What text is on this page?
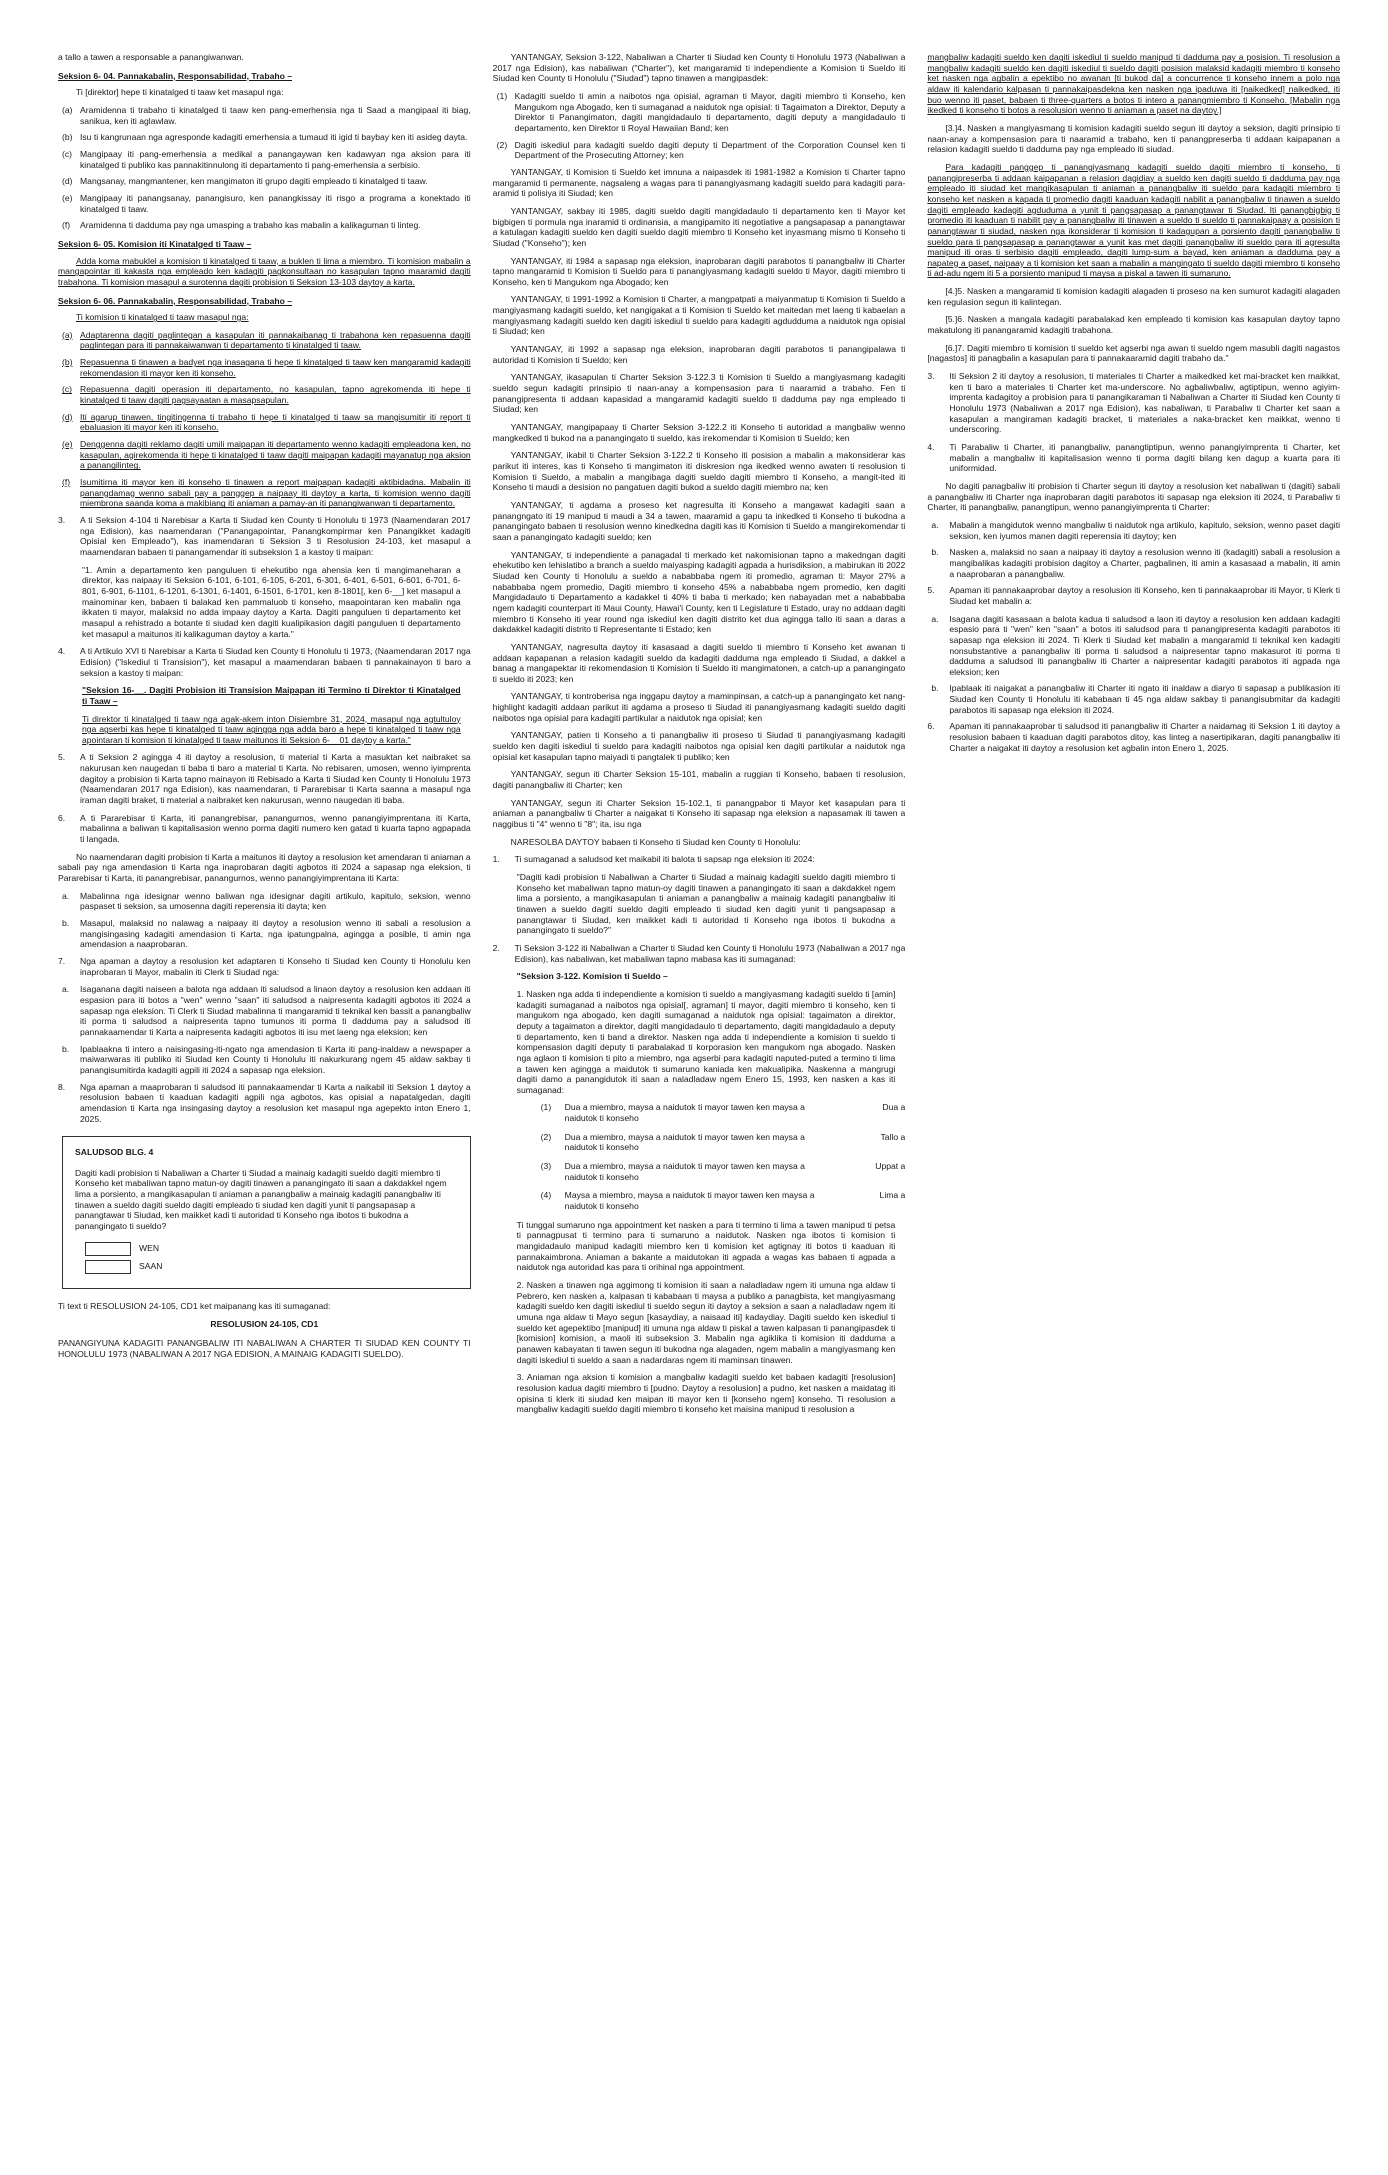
a tallo a tawen a responsable a panangiwanwan.

Seksion 6- 04. Pannakabalin, Responsabilidad, Trabaho –

Ti [direktor] hepe ti kinatalged ti taaw ket masapul nga:

(a) Aramidenna ti trabaho ti kinatalged ti taaw ken pang-emerhensia nga ti Saad a mangipaal iti biag, sanikua, ken iti aglawlaw.
(b) Isu ti kangrunaan nga agresponde kadagiti emerhensia a tumaud iti igid ti baybay ken iti asideg dayta.
(c) Mangipaay iti pang-emerhensia a medikal a panangaywan ken kadawyan nga aksion para iti kinatalged ti publiko kas pannakitinnulong iti departamento ti pang-emerhensia a serbisio.
(d) Mangsanay, mangmantener, ken mangimaton iti grupo dagiti empleado ti kinatalged ti taaw.
(e) Mangipaay iti panangsanay, panangisuro, ken panangkissay iti risgo a programa a konektado iti kinatalged ti taaw.
(f)	Aramidenna ti dadduma pay nga umasping a trabaho kas mabalin a kalikaguman ti linteg.

Seksion 6- 05. Komision iti Kinatalged ti Taaw –

Adda koma mabuklel a komision ti kinatalged ti taaw, a buklen ti lima a miembro. Ti komision mabalin a mangapointar iti kakasta nga empleado ken kadagiti pagkonsultaan no kasapulan tapno maaramid dagiti trabahona. Ti komision masapul a surotenna dagiti probision ti Seksion 13-103 daytoy a karta.

Seksion 6- 06. Pannakabalin, Responsabilidad, Trabaho –

Ti komision ti kinatalged ti taaw masapul nga:

(a) Adaptarenna dagiti paglintegan a kasapulan iti pannakaibanag ti trabahona ken repasuenna dagiti paglintegan para iti pannakaiwanwan ti departamento ti kinatalged ti taaw.
(b) Repasuenna ti tinawen a badyet nga inasagana ti hepe ti kinatalged ti taaw ken mangaramid kadagiti rekomendasion iti mayor ken iti konseho.
(c) Repasuenna dagiti operasion iti departamento, no kasapulan, tapno agrekomenda iti hepe ti kinatalged ti taaw dagiti pagsayaatan a masapsapulan.
(d) Iti agarup tinawen, tingitingenna ti trabaho ti hepe ti kinatalged ti taaw sa mangisumitir iti report ti ebaluasion iti mayor ken iti konseho.
(e) Denggenna dagiti reklamo dagiti umili maipapan iti departamento wenno kadagiti empleadona ken, no kasapulan, agirekomenda iti hepe ti kinatalged ti taaw dagiti maipapan kadagiti mayanatup nga aksion a panangilinteg.
(f)	Isumitirna iti mayor ken iti konseho ti tinawen a report maipapan kadagiti aktibidadna. Mabalin iti panangdamag wenno sabali pay a panggep a naipaay iti daytoy a karta, ti komision wenno dagiti miembrona saanda koma a makibiang iti aniaman a pamay-an iti panangiwanwan ti departamento.
3.	A ti Seksion 4-104 ti Narebisar a Karta ti Siudad ken County ti Honolulu ti 1973 (Naamendaran 2017 nga Edision), kas naamendaran ("Panangapointar, Panangkompirmar ken Panangikket kadagiti Opisial ken Empleado"), kas inamendaran ti Seksion 3 ti Resolusion 24-103, ket masapul a maamendaran babaen ti panangamendar iti subseksion 1 a kastoy ti maipan:

"1. Amin a departamento ken panguluen ti ehekutibo nga ahensia ken ti mangimaneharan a direktor, kas naipaay iti Seksion 6-101, 6-101, 6-105, 6-201, 6-301, 6-401, 6-501, 6-601, 6-701, 6-801, 6-901, 6-1101, 6-1201, 6-1301, 6-1401, 6-1501, 6-1701, ken 8-1801[, ken 6-__] ket masapul a mainominar ken, babaen ti balakad ken pammaluob ti konseho, maapointaran ken mabalin nga ikkaten ti mayor, malaksid no adda impaay daytoy a Karta. Dagiti panguluen ti departamento ket masapul a rehistrado a botante ti siudad ken dagiti kualipikasion dagiti panguluen ti departamento ket masapul a maitunos iti kalikaguman daytoy a karta."

4.	A ti Artikulo XVI ti Narebisar a Karta ti Siudad ken County ti Honolulu ti 1973, (Naamendaran 2017 nga Edision) ("Iskediul ti Transision"), ket masapul a maamendaran babaen ti pannakainayon ti baro a seksion a kastoy ti maipan:

"Seksion 16-__. Dagiti Probision iti Transision Maipapan iti Termino ti Direktor ti Kinatalged ti Taaw –

Ti direktor ti kinatalged ti taaw nga agak-akem inton Disiembre 31, 2024, masapul nga agtultuloy nga agserbi kas hepe ti kinatalged ti taaw agingga nga adda baro a hepe ti kinatalged ti taaw nga apointaran ti komision ti kinatalged ti taaw maitunos iti Seksion 6-__01 daytoy a karta."

5.	A ti Seksion 2 agingga 4 iti daytoy a resolusion, ti material ti Karta a masuktan ket naibraket sa nakurusan ken naugedan ti baba ti baro a material ti Karta. No rebisaren, umosen, wenno iyimprenta dagitoy a probision ti Karta tapno mainayon iti Rebisado a Karta ti Siudad ken County ti Honolulu 1973 (Naamendaran 2017 nga Edision), kas naamendaran, ti Pararebisar ti Karta saanna a masapul nga iraman dagiti braket, ti material a naibraket ken nakurusan, wenno naugedan iti baba.
6.	A ti Pararebisar ti Karta, iti panangrebisar, panangurnos, wenno panangiyimprentana iti Karta, mabalinna a baliwan ti kapitalisasion wenno porma dagiti numero ken gatad ti kuarta tapno agpapada ti langada.

No naamendaran dagiti probision ti Karta a maitunos iti daytoy a resolusion ket amendaran ti aniaman a sabali pay nga amendasion ti Karta nga inaprobaran dagiti agbotos iti 2024 a sapasap nga eleksion, ti Pararebisar ti Karta, iti panangrebisar, panangurnos, wenno panangiyimprentana iti Karta:

a.	Mabalinna nga idesignar wenno baliwan nga idesignar dagiti artikulo, kapitulo, seksion, wenno paspaset ti seksion, sa umosenna dagiti reperensia iti dayta; ken
b.	Masapul, malaksid no nalawag a naipaay iti daytoy a resolusion wenno iti sabali a resolusion a mangisingasing kadagiti amendasion ti Karta, nga ipatungpalna, agingga a posible, ti amin nga amendasion a naaprobaran.
7.	Nga apaman a daytoy a resolusion ket adaptaren ti Konseho ti Siudad ken County ti Honolulu ken inaprobaran ti Mayor, mabalin iti Clerk ti Siudad nga:
a.	Isaganana dagiti naiseen a balota nga addaan iti saludsod a linaon daytoy a resolusion ken addaan iti espasion para iti botos a "wen" wenno "saan" iti saludsod a naipresenta kadagiti agbotos iti 2024 a sapasap nga eleksion. Ti Clerk ti Siudad mabalinna ti mangaramid ti teknikal ken bassit a panangbaliw iti porma ti saludsod a naipresenta tapno tumunos iti porma ti dadduma pay a saludsod iti pannakaamendar ti Karta a naipresenta kadagiti agbotos iti isu met laeng nga eleksion; ken
b.	Ipablaaknа ti intero a naisingasing-iti-ngato nga amendasion ti Karta iti pang-inaldaw a newspaper a maiwarwaras iti publiko iti Siudad ken County ti Honolulu iti nakurkurang ngem 45 aldaw sakbay ti panangisumitirda kadagiti agpili iti 2024 a sapasap nga eleksion.
8.	Nga apaman a maaprobaran ti saludsod iti pannakaamendar ti Karta a naikabil iti Seksion 1 daytoy a resolusion babaen ti kaaduan kadagiti agpili nga agbotos, kas opisial a napatalgedan, dagiti amendasion ti Karta nga insingasing daytoy a resolusion ket masapul nga agepekto inton Enero 1, 2025.
SALUDSOD BLG. 4
Dagiti kadi probision ti Nabaliwan a Charter ti Siudad a mainaig kadagiti sueldo dagiti miembro ti Konseho ket mabaliwan tapno matun-oy dagiti tinawen a panangingato iti saan a dakdakkel ngem lima a porsiento, a mangikasapulan ti aniaman a panangbaliw a mainaig kadagiti panangbaliw iti tinawen a sueldo dagiti sueldo dagiti empleado ti siudad ken dagiti yunit ti pangsapasap a panangtawar ti Siudad, ken maikket kadi ti autoridad ti Konseho nga ibotos ti bukodna a panangingato ti sueldo?
WEN
SAAN

Ti text ti RESOLUSION 24-105, CD1 ket maipanang kas iti sumaganad:

RESOLUSION 24-105, CD1

PANANGIYUNA KADAGITI PANANGBALIW ITI NABALIWAN A CHARTER TI SIUDAD KEN COUNTY TI HONOLULU 1973 (NABALIWAN A 2017 NGA EDISION, A MAINAIG KADAGITI SUELDO).

YANTANGAY, Seksion 3-122, Nabaliwan a Charter ti Siudad ken County ti Honolulu 1973 (Nabaliwan a 2017 nga Edision), kas nabaliwan ("Charter"), ket mangaramid ti independiente a Komision ti Sueldo iti Siudad ken County ti Honolulu ("Siudad") tapno tinawen a mangipasdek:

(1) Kadagiti sueldo ti amin a naibotos nga opisial, agraman ti Mayor, dagiti miembro ti Konseho, ken Mangukom nga Abogado, ken ti sumaganad a naidutok nga opisial: ti Tagaimaton a Direktor, Deputy a Direktor ti Panangimaton, dagiti mangidadaulo ti departamento, dagiti deputy a mangidadaulo ti departamento, ken Direktor ti Royal Hawaiian Band; ken
(2) Dagiti iskediul para kadagiti sueldo dagiti deputy ti Department of the Corporation Counsel ken ti Department of the Prosecuting Attorney; ken

YANTANGAY, ti Komision ti Sueldo ket imnuna a naipasdek iti 1981-1982 a Komision ti Charter tapno mangaramid ti permanente, nagsaleng a wagas para ti panangiyasmang kadagiti sueldo para kadagiti para-aramid ti polisiya iti Siudad; ken

YANTANGAY, sakbay iti 1985, dagiti sueldo dagiti mangidadaulo ti departamento ken ti Mayor ket bigbigen ti pormula nga inaramid ti ordinansia, a mangipamito iti negotiative a pangsapasap a panangtawar a katulagan kadagiti sueldo ken dagiti sueldo dagiti miembro ti Konseho ket inyasmang mismo ti Konseho ti Siudad ("Konseho"); ken

YANTANGAY, iti 1984 a sapasap nga eleksion, inaprobaran dagiti parabotos ti panangbaliw iti Charter tapno mangaramid ti Komision ti Sueldo para ti panangiyasmang kadagiti sueldo ti Mayor, dagiti miembro ti Konseho, ken ti Mangukom nga Abogado; ken

YANTANGAY, ti 1991-1992 a Komision ti Charter, a mangpatpati a maiyanmatup ti Komision ti Sueldo a mangiyasmang kadagiti sueldo, ket nangigakat a ti Komision ti Sueldo ket maitedan met laeng ti kabaelan a mangiyasmang kadagiti sueldo ken dagiti iskediul ti sueldo para kadagiti agdudduma a naidutok nga opisial ti Siudad; ken

YANTANGAY, iti 1992 a sapasap nga eleksion, inaprobaran dagiti parabotos ti panangipalawa ti autoridad ti Komision ti Sueldo; ken

YANTANGAY, ikasapulan ti Charter Seksion 3-122.3 ti Komision ti Sueldo a mangiyasmang kadagiti sueldo segun kadagiti prinsipio ti naan-anay a kompensasion para ti naaramid a trabaho. Fen ti panangipresenta ti addaan kapasidad a mangaramid kadagiti sueldo ti dadduma pay nga empleado ti Siudad; ken

YANTANGAY, mangipapaay ti Charter Seksion 3-122.2 iti Konseho ti autoridad a mangbaliw wenno mangkedked ti bukod na a panangingato ti sueldo, kas irekomendar ti Komision ti Sueldo; ken

YANTANGAY, ikabil ti Charter Seksion 3-122.2 ti Konseho iti posision a mabalin a makonsiderar kas parikut iti interes, kas ti Konseho ti mangimaton iti diskresion nga ikedked wenno awaten ti resolusion ti Komision ti Sueldo, a mabalin a mangibaga dagiti sueldo dagiti miembro ti Konseho, a mangit-ited iti Konseho ti maudi a desision no pangatuen dagiti bukod a sueldo dagiti miembro na; ken

YANTANGAY, ti agdama a proseso ket nagresulta iti Konseho a mangawat kadagiti saan a panangngato iti 19 manipud ti maudi a 34 a tawen, maaramid a gapu ta inkedked ti Konseho ti bukodna a panangingato babaen ti resolusion wenno kinedkedna dagiti kas iti Komision ti Sueldo a mangirekomendar ti saan a panangingato kadagiti sueldo; ken

YANTANGAY, ti independiente a panagadal ti merkado ket nakomisionan tapno a makedngan dagiti ehekutibo ken lehislatibo a branch a sueldo maiyasping kadagiti agpada a hurisdiksion, a mabirukan iti 2022 Siudad ken County ti Honolulu a sueldo a nababbaba ngem iti promedio, agraman ti: Mayor 27% a nababbaba ngem promedio, Dagiti miembro ti konseho 45% a nababbaba ngem promedio, ken dagiti Mangidadaulo ti Departamento a kadakkel ti 40% ti baba ti merkado; ken nabayadan met a nababbaba ngem kadagiti counterpart iti Maui County, Hawai'i County, ken ti Legislature ti Estado, uray no addaan dagiti miembro ti Konseho iti year round nga iskediul ken dagiti distrito ket dua agingga tallo iti saan a daras a dakdakkel kadagiti distrito ti Representante ti Estado; ken

YANTANGAY, nagresulta daytoy iti kasasaad a dagiti sueldo ti miembro ti Konseho ket awanan ti addaan kapapanan a relasion kadagiti sueldo da kadagiti dadduma nga empleado ti Siudad, a dakkel a banag a mangapektar iti rekomendasion ti Komision ti Sueldo iti mangimatonen, a catch-up a panangingato ti sueldo iti 2023; ken

YANTANGAY, ti kontroberisa nga inggapu daytoy a maminpinsan, a catch-up a panangingato ket nang-highlight kadagiti addaan parikut iti agdama a proseso ti Siudad iti panangiyasmang kadagiti sueldo dagiti naibotos nga opisial para kadagiti partikular a naidutok nga opisial; ken

YANTANGAY, patien ti Konseho a ti panangbaliw iti proseso ti Siudad ti panangiyasmang kadagiti sueldo ken dagiti iskediul ti sueldo para kadagiti naibotos nga opisial ken dagiti partikular a naidutok nga opisial ket kasapulan tapno maiyadi ti pangtalek ti publiko; ken

YANTANGAY, segun iti Charter Seksion 15-101, mabalin a ruggian ti Konseho, babaen ti resolusion, dagiti panangbaliw iti Charter; ken

YANTANGAY, segun iti Charter Seksion 15-102.1, ti panangpabor ti Mayor ket kasapulan para ti aniaman a panangbaliw ti Charter a naigakat ti Konseho iti sapasap nga eleksion a napasamak iti tawen a naggibus ti "4" wenno ti "8"; ita, isu nga

NARESOLBA DAYTOY babaen ti Konseho ti Siudad ken County ti Honolulu:

1.	Ti sumaganad a saludsod ket maikabil iti balota ti sapsap nga eleksion iti 2024:

"Dagiti kadi probision ti Nabaliwan a Charter ti Siudad a mainaig kadagiti sueldo dagiti miembro ti Konseho ket mabaliwan tapno matun-oy dagiti tinawen a panangingato iti saan a dakdakkel ngem lima a porsiento, a mangikasapulan ti aniaman a panangbaliw a mainaig kadagiti panangbaliw iti tinawen a sueldo dagiti sueldo dagiti empleado ti siudad ken dagiti yunit ti pangsapasap a panangtawar ti Siudad, ken maikket kadi ti autoridad ti Konseho nga ibotos ti bukodna a panangingato ti sueldo?"

2.	Ti Seksion 3-122 iti Nabaliwan a Charter ti Siudad ken County ti Honolulu 1973 (Nabaliwan a 2017 nga Edision), kas nabaliwan, ket mabaliwan tapno mabasa kas iti sumaganad:

"Seksion 3-122. Komision ti Sueldo –

1. Nasken nga adda ti independiente a komision ti sueldo a mangiyasmang kadagiti sueldo ti [amin] kadagiti sumaganad a naibotos nga opisial[, agraman] ti mayor, dagiti miembro ti konseho, ken ti mangukom nga abogado, ken dagiti sumaganad a naidutok nga opisial: tagaimaton a direktor, deputy a tagaimaton a direktor, dagiti mangidadaulo ti departamento, dagiti mangidadaulo a deputy ti departamento, ken ti band a direktor. Nasken nga adda ti independiente a komision ti sueldo ti kompensasion dagiti deputy ti parabalakad ti korporasion ken mangukom nga abogado. Nasken nga aglaon ti komision ti pito a miembro, nga agserbi para kadagiti naputed-puted a termino ti lima a tawen ken agingga a maidutok ti sumaruno kaniada ken makualipika. Naskenna a mangrugi dagiti damo a panangidutok iti saan a naladladaw ngem Enero 15, 1993, ken nasken a kas iti sumaganad:

(1)	Dua a miembro, maysa a naidutok ti mayor tawen ken maysa a naidutok ti konseho
Dua a
(2)	Dua a miembro, maysa a naidutok ti mayor tawen ken maysa a naidutok ti konseho
Tallo a
(3)	Dua a miembro, maysa a naidutok ti mayor tawen ken maysa a naidutok ti konseho
Uppat a
(4)	Maysa a miembro, maysa a naidutok ti mayor tawen ken maysa a naidutok ti konseho
Lima a

Ti tunggal sumaruno nga appointment ket nasken a para ti termino ti lima a tawen manipud ti petsa ti pannagpusat ti termino para ti sumaruno a naidutok. Nasken nga ibotos ti komision ti mangidadaulo manipud kadagiti miembro ken ti komision ket agtignay iti botos ti kaaduan iti pannakaimbrona. Aniaman a bakante a maidutokan iti agpada a wagas kas babaen ti agpada a naidutok nga autoridad kas para ti orihinal nga appointment.

2. Nasken a tinawen nga aggimong ti komision iti saan a naladladaw ngem iti umuna nga aldaw ti Pebrero, ken nasken a, kalpasan ti kababaan ti maysa a publiko a panagbista, ket mangiyasmang kadagiti sueldo ken dagiti iskediul ti sueldo segun iti daytoy a seksion a saan a naladladaw ngem iti umuna nga aldaw ti Mayo segun [kasaydiay, a naisaad iti] kadaydiay. Dagiti sueldo ken iskediul ti sueldo ket agepektibo [manipud] iti umuna nga aldaw ti piskal a tawen kalpasan ti panangipasdek ti [komision] komision, a maoli iti subseksion 3. Mabalin nga agiklika ti komision iti dadduma a panawen kabayatan ti tawen segun iti bukodna nga alagaden, ngem mabalin a mangiyasmang ken dagiti iskediul ti sueldo a saan a nadardaras ngem iti maminsan tinawen.

3. Aniaman nga aksion ti komision a mangbaliw kadagiti sueldo ket babaen kadagiti [resolusion] resolusion kadua dagiti miembro ti [pudno. Daytoy a resolusion] a pudno, ket nasken a maidatag iti opisina ti klerk iti siudad ken maipan iti mayor ken ti [konseho ngem] konseho. Ti resolusion a mangbaliw kadagiti sueldo dagiti miembro ti konseho ket maisina manipud ti resolusion a

mangbaliw kadagiti sueldo ken dagiti iskediul ti sueldo manipud ti dadduma pay a posision. Ti resolusion a mangbaliw kadagiti sueldo ken dagiti iskediul ti sueldo dagiti posision malaksid kadagiti miembro ti konseho ket nasken nga agbalin a epektibo no awanan [ti bukod da] a concurrence ti konseho innem a polo nga aldaw iti kalendario kalpasan ti pannakaipasdekna ken nasken nga ipaduwa iti [naikedked] naikedked, iti buo wenno iti paset, babaen ti three-quarters a botos ti intero a panangmiembro ti Konseho. [Mabalin nga ikedked ti konseho ti botos a resolusion wenno ti aniaman a paset na daytoy.]

[3.]4. Nasken a mangiyasmang ti komision kadagiti sueldo segun iti daytoy a seksion, dagiti prinsipio ti naan-anay a kompensasion para ti naaramid a trabaho, ken ti panangpreserba ti addaan kaipapanan a relasion kadagiti sueldo ti dadduma pay nga empleado iti siudad.

Para kadagiti panggep ti panangiyasmang kadagiti sueldo dagiti miembro ti konseho, ti panangipreserba ti addaan kaipapanan a relasion dagidiay a sueldo ken dagiti sueldo ti dadduma pay nga empleado iti siudad ket mangikasapulan ti aniaman a panangbaliw iti sueldo para kadagiti miembro ti konseho ket nasken a kapada ti promedio dagiti kaaduan kadagiti nabilit a panangbaliw ti tinawen a sueldo dagiti empleado kadagiti agduduma a yunit ti pangsapasap a panangtawar ti Siudad. Iti panangbigbig ti promedio iti kaaduan ti nabilit pay a panangbaliw iti tinawen a sueldo ti sueldo ti pannakaipaay a posision ti panangtawar ti siudad, nasken nga ikonsiderar ti komision ti kadagupan a porsiento dagiti panangbaliw ti sueldo para ti pangsapasap a panangtawar a yunit kas met dagiti panangbaliw iti sueldo para iti agresulta manipud iti oras ti serbisio dagiti empleado, dagiti lump-sum a bayad, ken aniaman a dadduma pay a napateg a paset, naipaay a ti komision ket saan a mabalin a mangingato ti sueldo dagiti miembro ti konseho ti ad-adu ngem iti 5 a porsiento manipud ti maysa a piskal a tawen iti sumaruno.

[4.]5. Nasken a mangaramid ti komision kadagiti alagaden ti proseso na ken sumurot kadagiti alagaden ken regulasion segun iti kalintegan.

[5.]6. Nasken a mangala kadagiti parabalakad ken empleado ti komision kas kasapulan daytoy tapno makatulong iti panangaramid kadagiti trabahona.

[6.]7. Dagiti miembro ti komision ti sueldo ket agserbi nga awan ti sueldo ngem masubli dagiti nagastos [nagastos] iti panagbalin a kasapulan para ti pannakaaramid dagiti trabaho da."

3.	Iti Seksion 2 iti daytoy a resolusion, ti materiales ti Charter a maikedked ket mai-bracket ken maikkat, ken ti baro a materiales ti Charter ket ma-underscore. No agbaliwbaliw, agtiptipun, wenno agiyim-imprenta kadagitoy a probision para ti panangikaraman ti Nabaliwan a Charter iti Siudad ken County ti Honolulu 1973 (Nabaliwan a 2017 nga Edision), kas nabaliwan, ti Parabaliw ti Charter ket saan a kasapulan a mangiraman kadagiti bracket, ti materiales a naka-bracket ken maikkat, wenno ti underscoring.
4.	Ti Parabaliw ti Charter, iti panangbaliw, panangtiptipun, wenno panangiyimprenta ti Charter, ket mabalin a mangbaliw iti kapitalisasion wenno ti porma dagiti bilang ken dagup a kuarta para iti uniformidad.

No dagiti panagbaliw iti probision ti Charter segun iti daytoy a resolusion ket nabaliwan ti (dagiti) sabali a panangbaliw iti Charter nga inaprobaran dagiti parabotos iti sapasap nga eleksion iti 2024, ti Parabaliw ti Charter, iti panangbaliw, panangtipun, wenno panangiyimprenta ti Charter:

a.	Mabalin a mangidutok wenno mangbaliw ti naidutok nga artikulo, kapitulo, seksion, wenno paset dagiti seksion, ken iyumos manen dagiti reperensia iti daytoy; ken
b.	Nasken a, malaksid no saan a naipaay iti daytoy a resolusion wenno iti (kadagiti) sabali a resolusion a mangibalikas kadagiti probision dagitoy a Charter, pagbalinen, iti amin a kasasaad a mabalin, iti amin a naaprobaran a panangbaliw.
5.	Apaman iti pannakaaprobar daytoy a resolusion iti Konseho, ken ti pannakaaprobar iti Mayor, ti Klerk ti Siudad ket mabalin a:
a.	Isagana dagiti kasasaan a balota kadua ti saludsod a laon iti daytoy a resolusion ken addaan kadagiti espasio para ti "wen" ken "saan" a botos iti saludsod para ti panangipresenta kadagiti parabotos iti sapasap nga eleksion iti 2024. Ti Klerk ti Siudad ket mabalin a mangaramid ti teknikal ken kadagiti nonsubstantive a panangbaliw iti porma ti saludsod a naipresentar tapno makasurot iti porma ti dadduma a saludsod iti panangbaliw iti Charter a naipresentar kadagiti parabotos iti agpada nga eleksion; ken
b.	Ipablaak iti naigakat a panangbaliw iti Charter iti ngato iti inaldaw a diaryo ti sapasap a publikasion iti Siudad ken County ti Honolulu iti kababaan ti 45 nga aldaw sakbay ti panangisubmitar da kadagiti parabotos iti sapasap nga eleksion iti 2024.
6.	Apaman iti pannakaaprobar ti saludsod iti panangbaliw iti Charter a naidamag iti Seksion 1 iti daytoy a resolusion babaen ti kaaduan dagiti parabotos ditoy, kas linteg a nasertipikaran, dagiti panangbaliw iti Charter a naigakat iti daytoy a resolusion ket agbalin inton Enero 1, 2025.
